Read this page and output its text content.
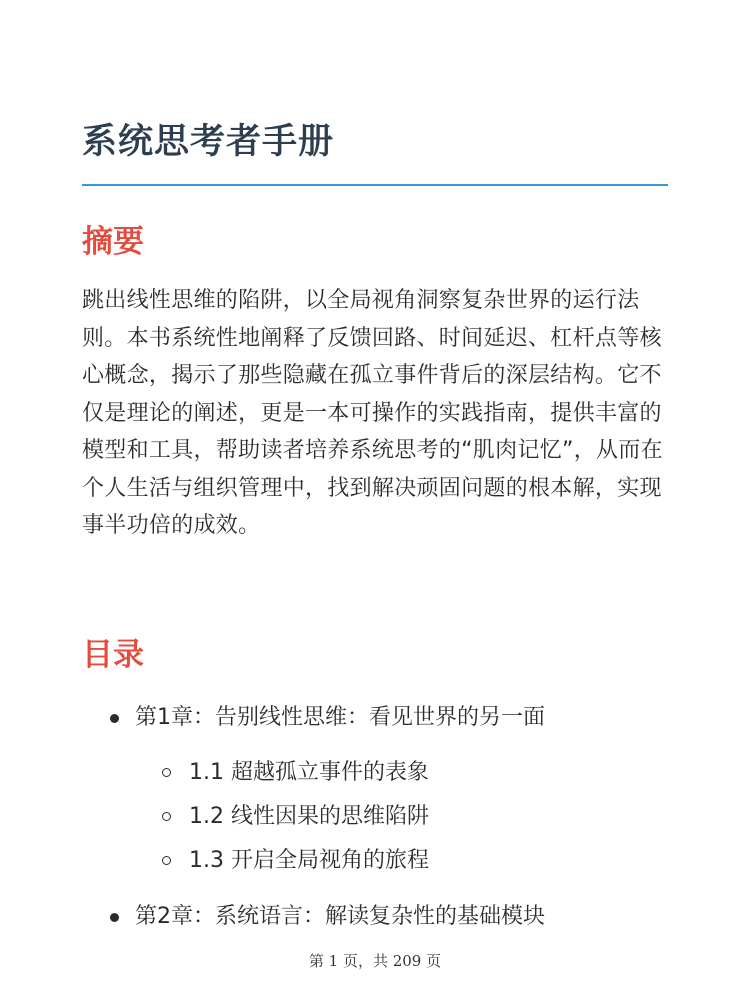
系统思考者手册
摘要

跳出线性思维的陷阱，以全局视角洞察复杂世界的运行法则。本书系统性地阐释了反馈回路、时间延迟、杠杆点等核心概念，揭示了那些隐藏在孤立事件背后的深层结构。它不仅是理论的阐述，更是一本可操作的实践指南，提供丰富的模型和工具，帮助读者培养系统思考的“肌肉记忆”，从而在个人生活与组织管理中，找到解决顽固问题的根本解，实现事半功倍的成效。

目录
第1章：告别线性思维：看见世界的另一面
1.1 超越孤立事件的表象
1.2 线性因果的思维陷阱
1.3 开启全局视角的旅程
第2章：系统语言：解读复杂性的基础模块
第 1 页，共 209 页
